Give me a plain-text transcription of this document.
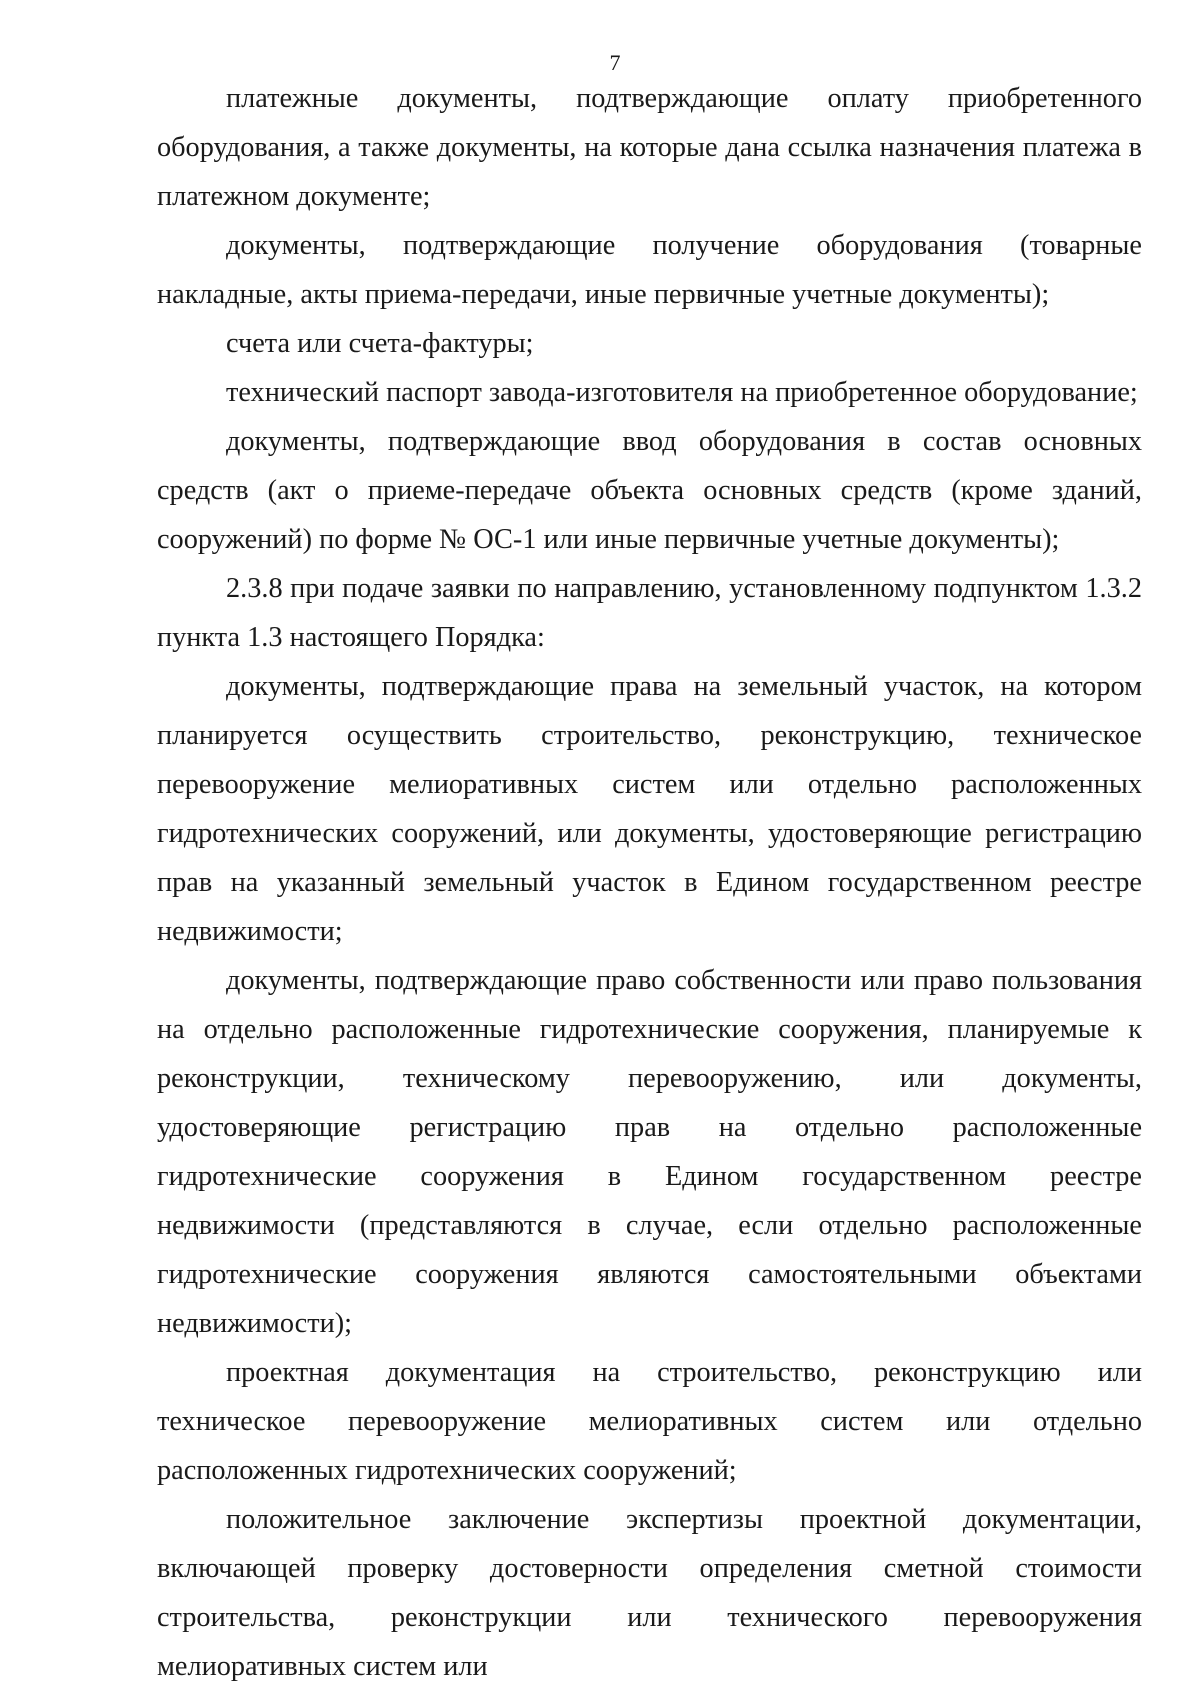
7

платежные документы, подтверждающие оплату приобретенного оборудования, а также документы, на которые дана ссылка назначения платежа в платежном документе;

документы, подтверждающие получение оборудования (товарные накладные, акты приема-передачи, иные первичные учетные документы);

счета или счета-фактуры;

технический паспорт завода-изготовителя на приобретенное оборудование;

документы, подтверждающие ввод оборудования в состав основных средств (акт о приеме-передаче объекта основных средств (кроме зданий, сооружений) по форме № ОС-1 или иные первичные учетные документы);

2.3.8 при подаче заявки по направлению, установленному подпунктом 1.3.2 пункта 1.3 настоящего Порядка:

документы, подтверждающие права на земельный участок, на котором планируется осуществить строительство, реконструкцию, техническое перевооружение мелиоративных систем или отдельно расположенных гидротехнических сооружений, или документы, удостоверяющие регистрацию прав на указанный земельный участок в Едином государственном реестре недвижимости;

документы, подтверждающие право собственности или право пользования на отдельно расположенные гидротехнические сооружения, планируемые к реконструкции, техническому перевооружению, или документы, удостоверяющие регистрацию прав на отдельно расположенные гидротехнические сооружения в Едином государственном реестре недвижимости (представляются в случае, если отдельно расположенные гидротехнические сооружения являются самостоятельными объектами недвижимости);

проектная документация на строительство, реконструкцию или техническое перевооружение мелиоративных систем или отдельно расположенных гидротехнических сооружений;

положительное заключение экспертизы проектной документации, включающей проверку достоверности определения сметной стоимости строительства, реконструкции или технического перевооружения мелиоративных систем или
